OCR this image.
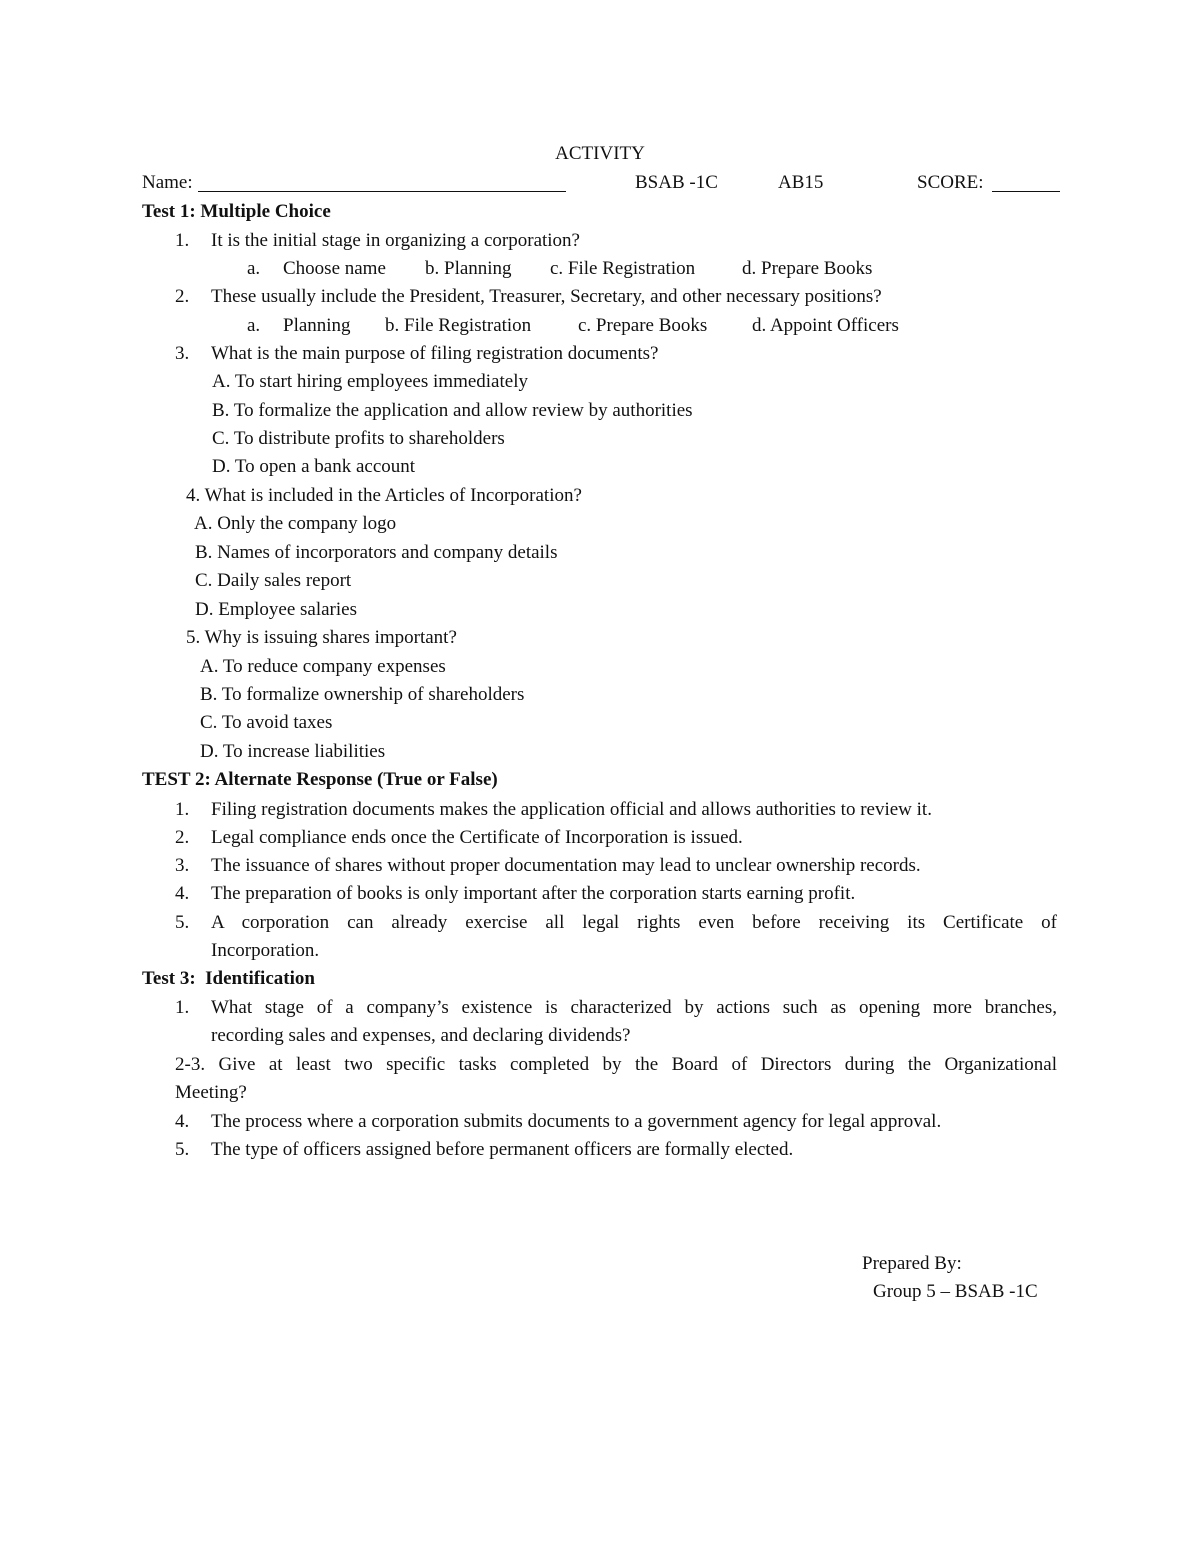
ACTIVITY
Name:	BSAB -1C	AB15	SCORE:
Test 1: Multiple Choice
1. It is the initial stage in organizing a corporation?
a. Choose name b. Planning c. File Registration d. Prepare Books
2. These usually include the President, Treasurer, Secretary, and other necessary positions?
a. Planning b. File Registration c. Prepare Books d. Appoint Officers
3. What is the main purpose of filing registration documents?
A. To start hiring employees immediately
B. To formalize the application and allow review by authorities
C. To distribute profits to shareholders
D. To open a bank account
4. What is included in the Articles of Incorporation?
A. Only the company logo
B. Names of incorporators and company details
C. Daily sales report
D. Employee salaries
5. Why is issuing shares important?
A. To reduce company expenses
B. To formalize ownership of shareholders
C. To avoid taxes
D. To increase liabilities
TEST 2: Alternate Response (True or False)
1. Filing registration documents makes the application official and allows authorities to review it.
2. Legal compliance ends once the Certificate of Incorporation is issued.
3. The issuance of shares without proper documentation may lead to unclear ownership records.
4. The preparation of books is only important after the corporation starts earning profit.
5. A corporation can already exercise all legal rights even before receiving its Certificate of
Incorporation.
Test 3:  Identification
1. What stage of a company’s existence is characterized by actions such as opening more branches,
recording sales and expenses, and declaring dividends?
2-3. Give at least two specific tasks completed by the Board of Directors during the Organizational
Meeting?
4. The process where a corporation submits documents to a government agency for legal approval.
5. The type of officers assigned before permanent officers are formally elected.
Prepared By:
Group 5 – BSAB -1C
